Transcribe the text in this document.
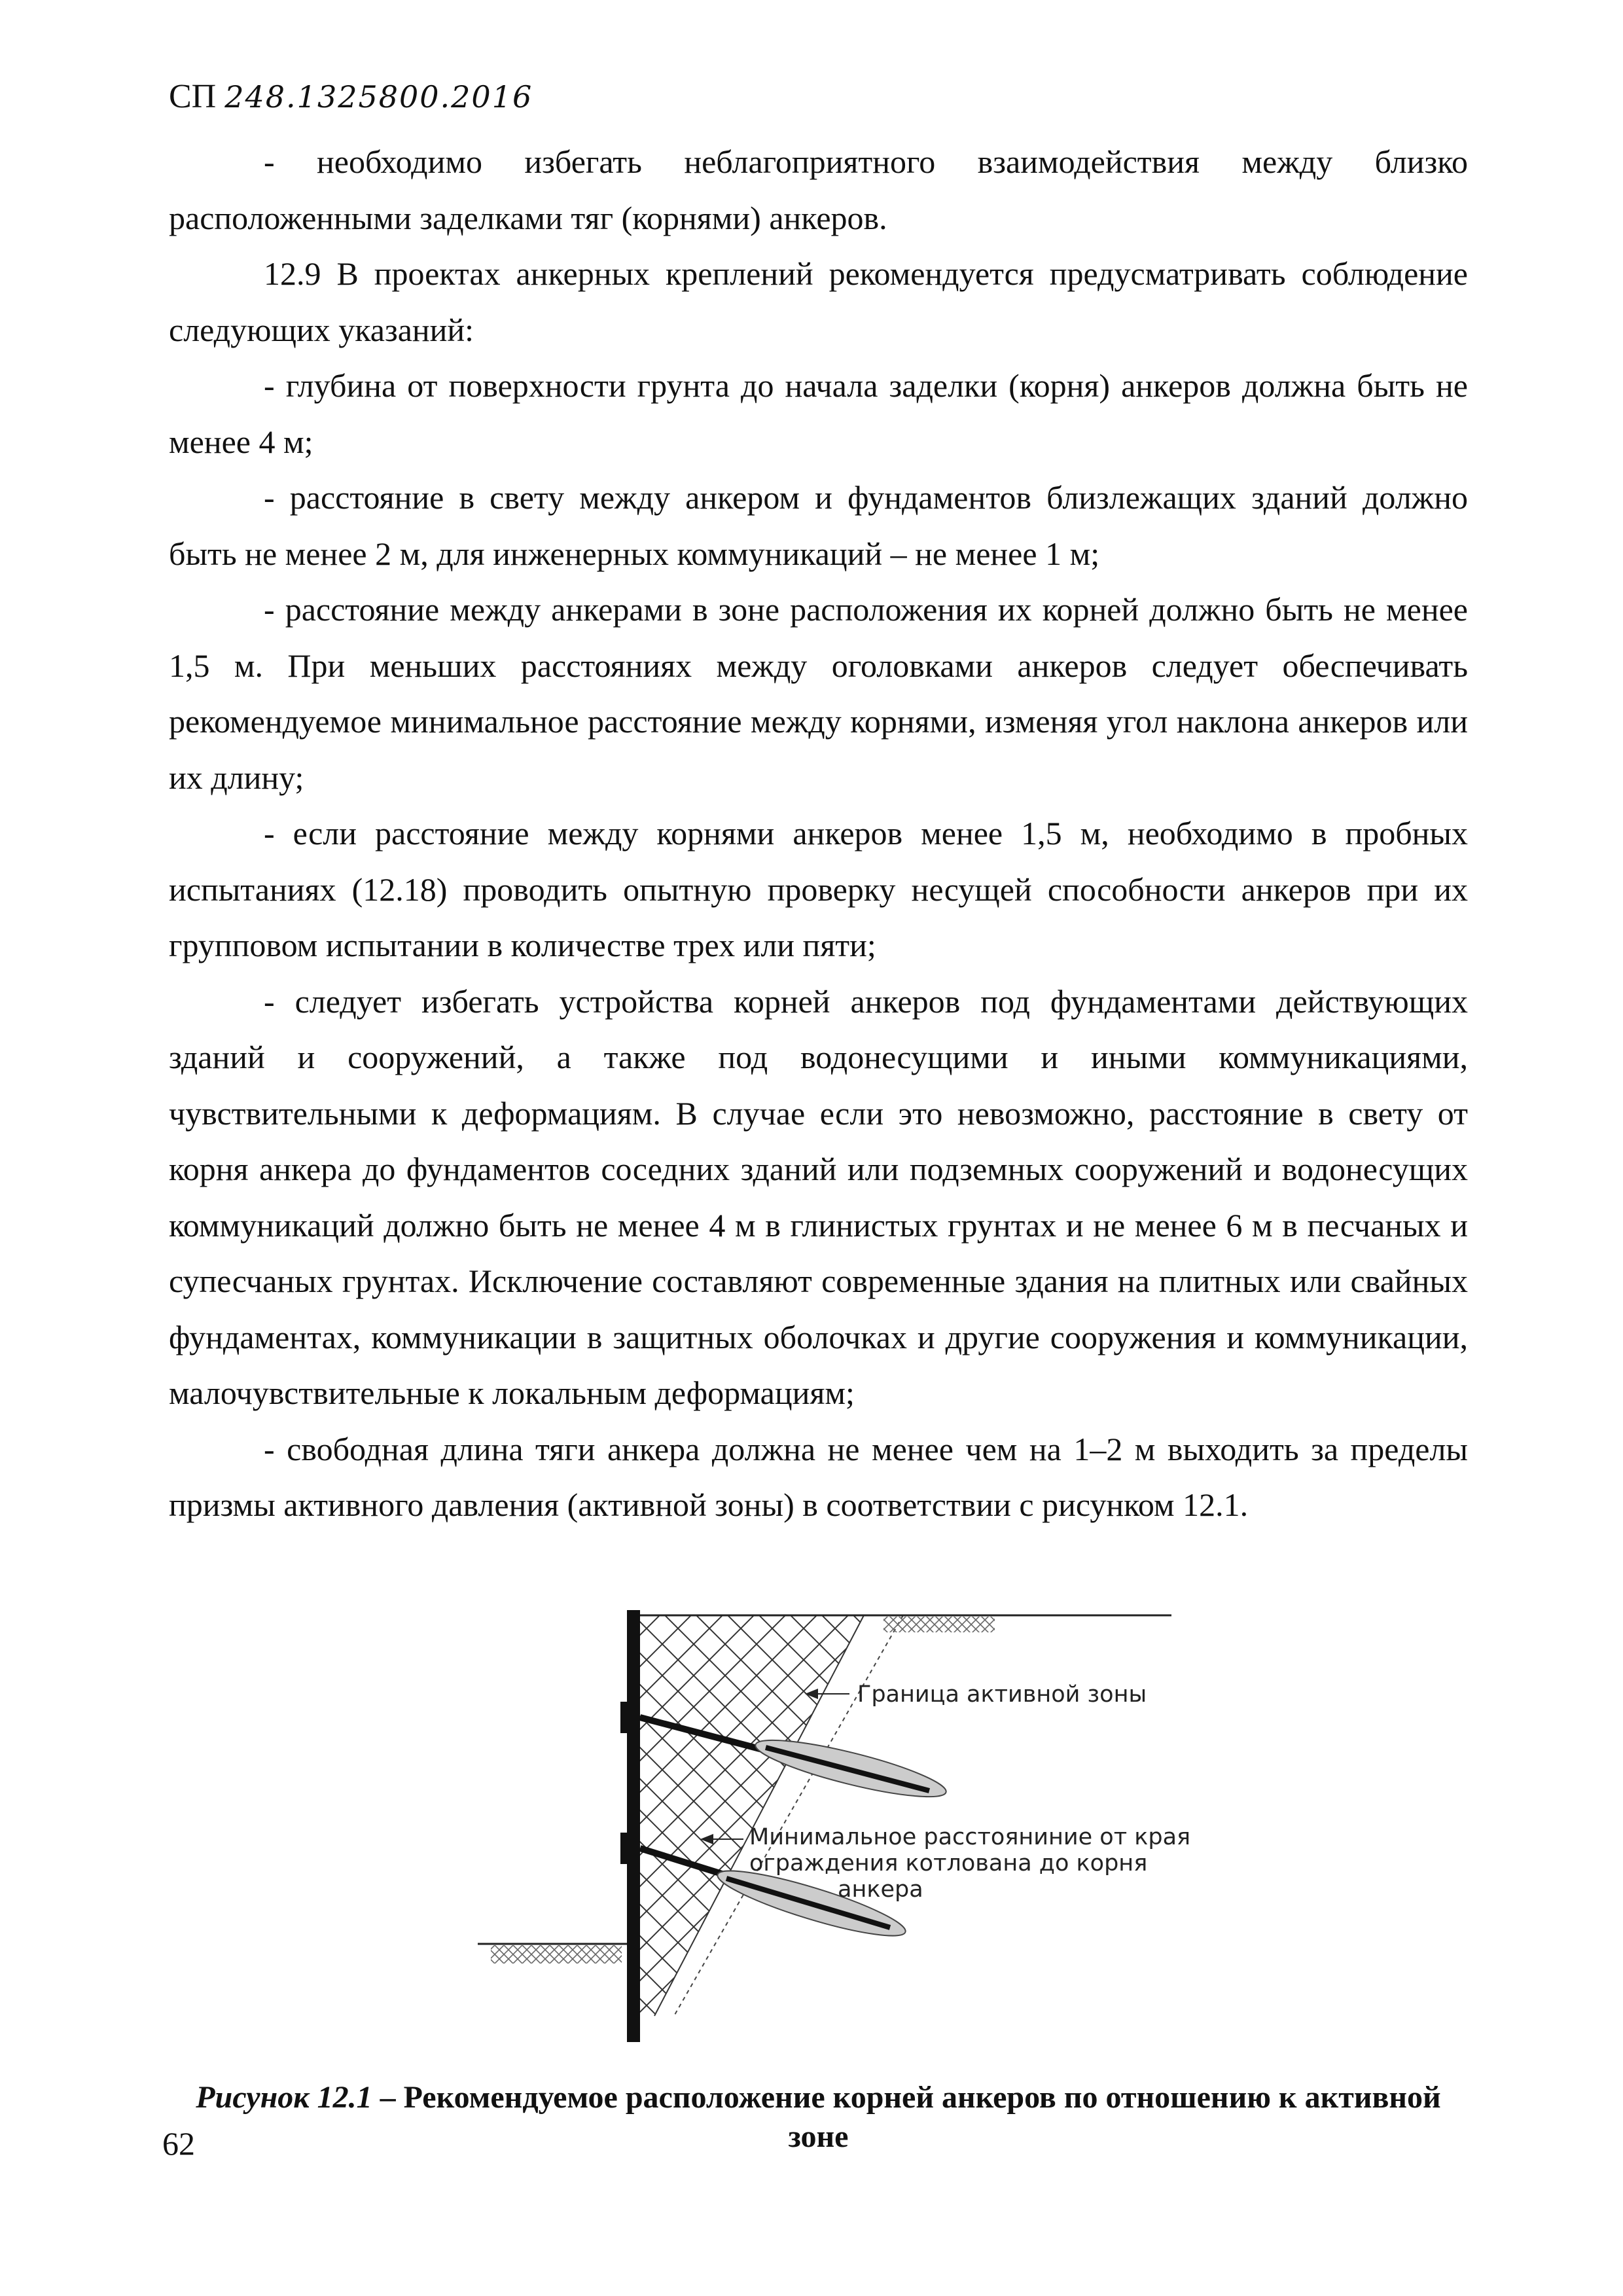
СП 248.1325800.2016

- необходимо избегать неблагоприятного взаимодействия между близко расположенными заделками тяг (корнями) анкеров.

12.9 В проектах анкерных креплений рекомендуется предусматривать соблюдение следующих указаний:

- глубина от поверхности грунта до начала заделки (корня) анкеров должна быть не менее 4 м;

- расстояние в свету между анкером и фундаментов близлежащих зданий должно быть не менее 2 м, для инженерных коммуникаций – не менее 1 м;

- расстояние между анкерами в зоне расположения их корней должно быть не менее 1,5 м. При меньших расстояниях между оголовками анкеров следует обеспечивать рекомендуемое минимальное расстояние между корнями, изменяя угол наклона анкеров или их длину;

- если расстояние между корнями анкеров менее 1,5 м, необходимо в пробных испытаниях (12.18) проводить опытную проверку несущей способности анкеров при их групповом испытании в количестве трех или пяти;

- следует избегать устройства корней анкеров под фундаментами действующих зданий и сооружений, а также под водонесущими и иными коммуникациями, чувствительными к деформациям. В случае если это невозможно, расстояние в свету от корня анкера до фундаментов соседних зданий или подземных сооружений и водонесущих коммуникаций должно быть не менее 4 м в глинистых грунтах и не менее 6 м в песчаных и супесчаных грунтах. Исключение составляют современные здания на плитных или свайных фундаментах, коммуникации в защитных оболочках и другие сооружения и коммуникации, малочувствительные к локальным деформациям;

- свободная длина тяги анкера должна не менее чем на 1–2 м выходить за пределы призмы активного давления (активной зоны) в соответствии с рисунком 12.1.

Граница активной зоны
Минимальное расстояниние от края
ограждения котлована до корня
анкера
Рисунок 12.1 – Рекомендуемое расположение корней анкеров по отношению к активной зоне
62
